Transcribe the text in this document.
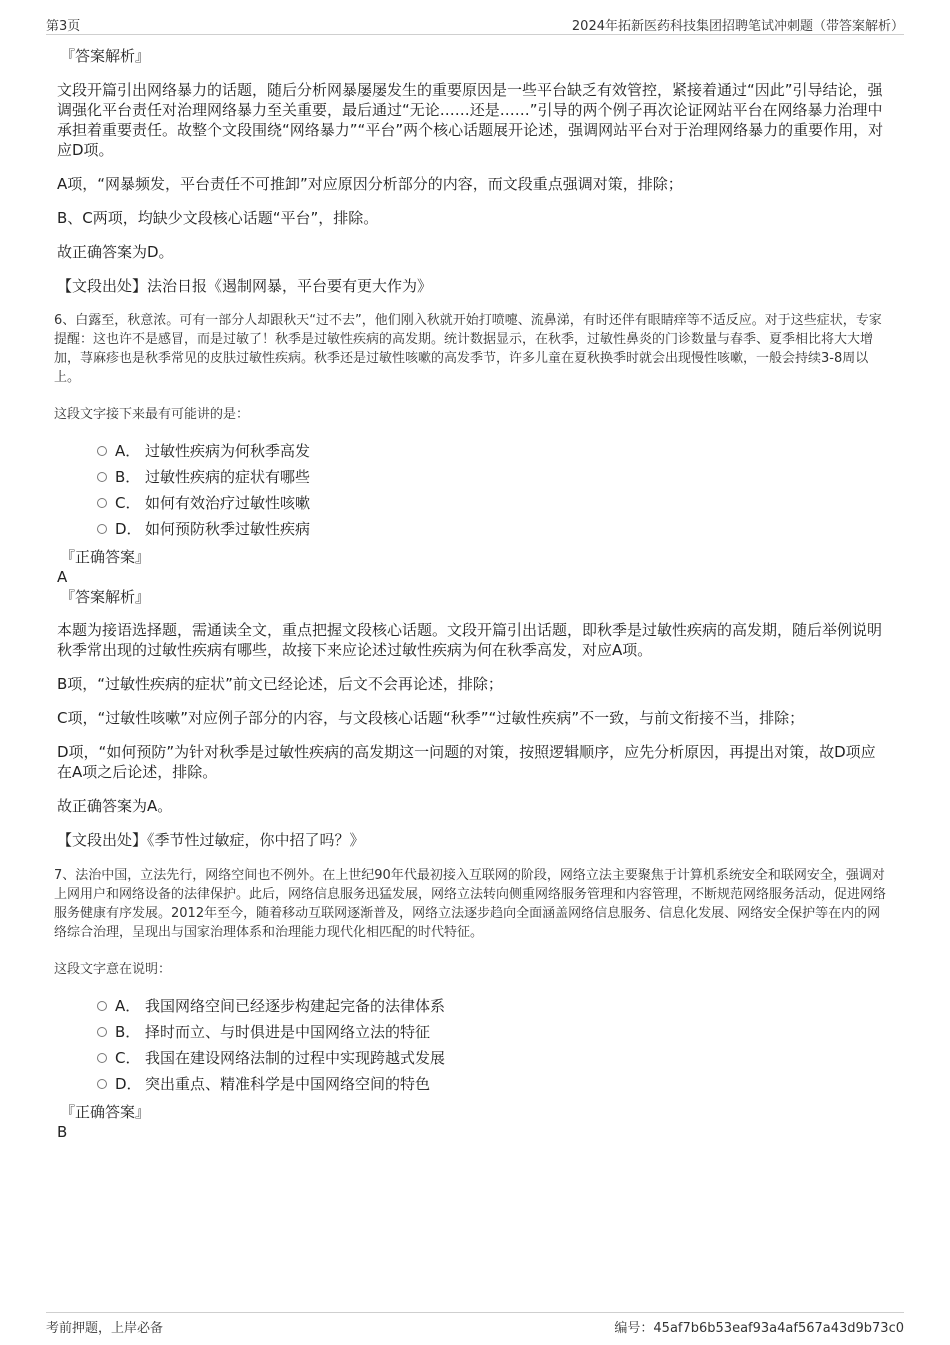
第3页	2024年拓新医药科技集团招聘笔试冲刺题（带答案解析）

『答案解析』

文段开篇引出网络暴力的话题，随后分析网暴屡屡发生的重要原因是一些平台缺乏有效管控，紧接着通过“因此”引导结论，强调强化平台责任对治理网络暴力至关重要，最后通过“无论……还是……”引导的两个例子再次论证网站平台在网络暴力治理中承担着重要责任。故整个文段围绕“网络暴力”“平台”两个核心话题展开论述，强调网站平台对于治理网络暴力的重要作用，对应D项。

A项，“网暴频发，平台责任不可推卸”对应原因分析部分的内容，而文段重点强调对策，排除；

B、C两项，均缺少文段核心话题“平台”，排除。

故正确答案为D。

【文段出处】法治日报《遏制网暴，平台要有更大作为》

6、白露至，秋意浓。可有一部分人却跟秋天“过不去”，他们刚入秋就开始打喷嚏、流鼻涕，有时还伴有眼睛痒等不适反应。对于这些症状，专家提醒：这也许不是感冒，而是过敏了！秋季是过敏性疾病的高发期。统计数据显示，在秋季，过敏性鼻炎的门诊数量与春季、夏季相比将大大增加，荨麻疹也是秋季常见的皮肤过敏性疾病。秋季还是过敏性咳嗽的高发季节，许多儿童在夏秋换季时就会出现慢性咳嗽，一般会持续3-8周以上。

这段文字接下来最有可能讲的是：

A． 过敏性疾病为何秋季高发
B． 过敏性疾病的症状有哪些
C． 如何有效治疗过敏性咳嗽
D． 如何预防秋季过敏性疾病

『正确答案』

A

『答案解析』

本题为接语选择题，需通读全文，重点把握文段核心话题。文段开篇引出话题，即秋季是过敏性疾病的高发期，随后举例说明秋季常出现的过敏性疾病有哪些，故接下来应论述过敏性疾病为何在秋季高发，对应A项。

B项，“过敏性疾病的症状”前文已经论述，后文不会再论述，排除；

C项，“过敏性咳嗽”对应例子部分的内容，与文段核心话题“秋季”“过敏性疾病”不一致，与前文衔接不当，排除；

D项，“如何预防”为针对秋季是过敏性疾病的高发期这一问题的对策，按照逻辑顺序，应先分析原因，再提出对策，故D项应在A项之后论述，排除。

故正确答案为A。

【文段出处】《季节性过敏症，你中招了吗？》

7、法治中国，立法先行，网络空间也不例外。在上世纪90年代最初接入互联网的阶段，网络立法主要聚焦于计算机系统安全和联网安全，强调对上网用户和网络设备的法律保护。此后，网络信息服务迅猛发展，网络立法转向侧重网络服务管理和内容管理，不断规范网络服务活动，促进网络服务健康有序发展。2012年至今，随着移动互联网逐渐普及，网络立法逐步趋向全面涵盖网络信息服务、信息化发展、网络安全保护等在内的网络综合治理，呈现出与国家治理体系和治理能力现代化相匹配的时代特征。

这段文字意在说明：

A． 我国网络空间已经逐步构建起完备的法律体系
B． 择时而立、与时俱进是中国网络立法的特征
C． 我国在建设网络法制的过程中实现跨越式发展
D． 突出重点、精准科学是中国网络空间的特色

『正确答案』

B

考前押题，上岸必备	编号：45af7b6b53eaf93a4af567a43d9b73c0
